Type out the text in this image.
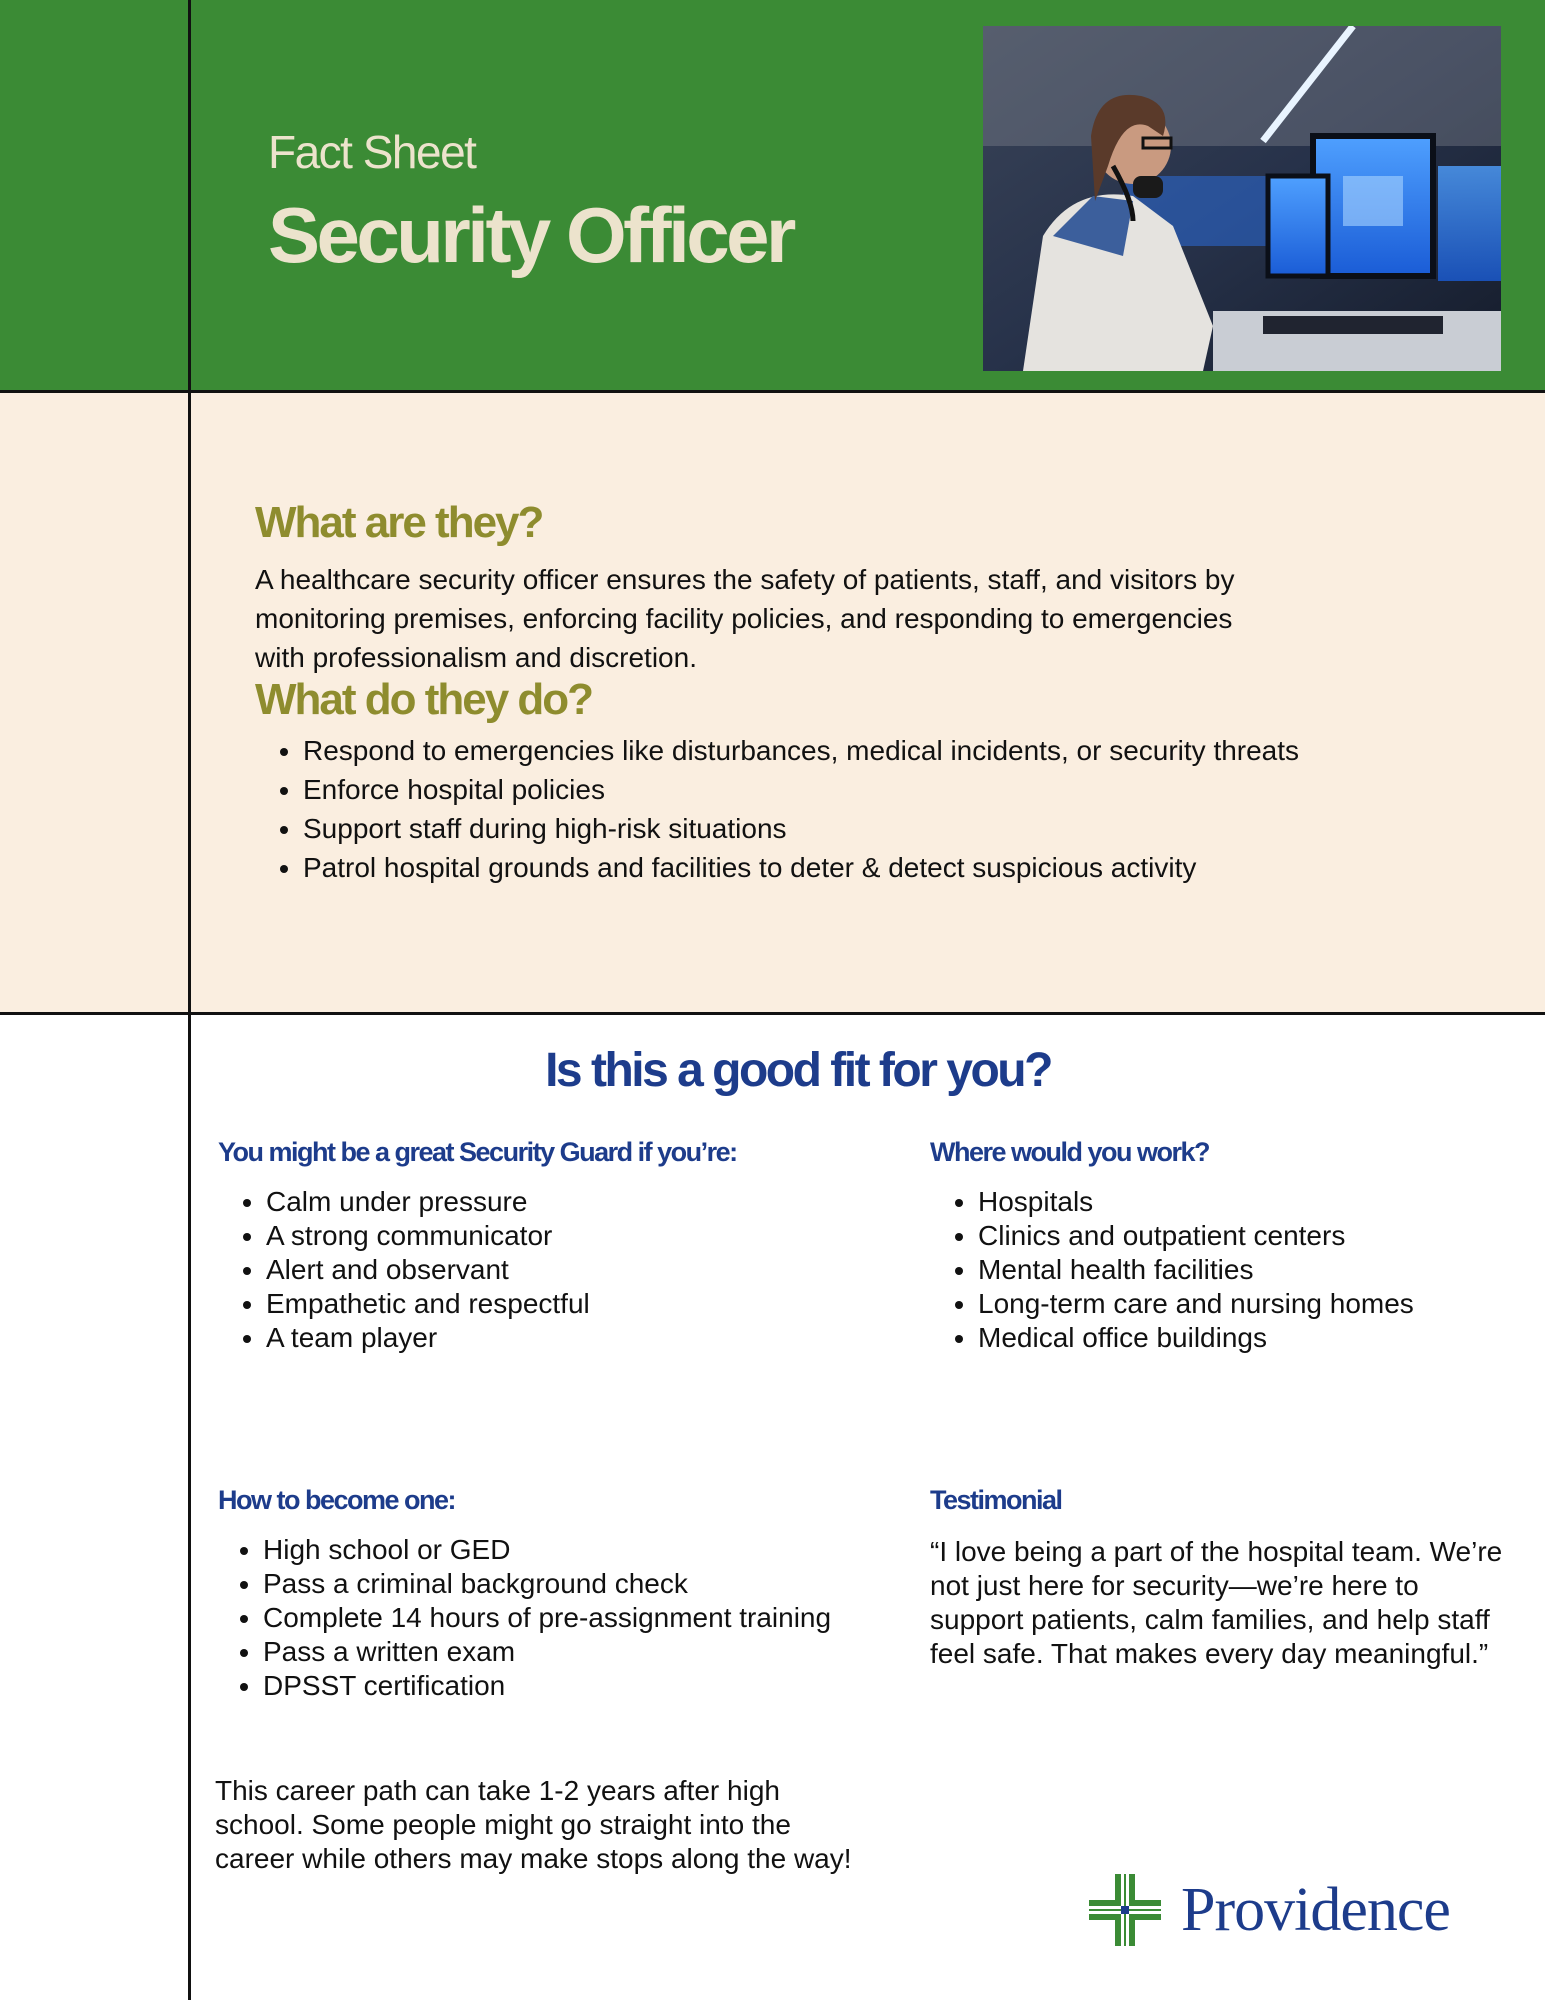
Fact Sheet
Security Officer
What are they?

A healthcare security officer ensures the safety of patients, staff, and visitors by monitoring premises, enforcing facility policies, and responding to emergencies with professionalism and discretion.

What do they do?
• Respond to emergencies like disturbances, medical incidents, or security threats
• Enforce hospital policies
• Support staff during high-risk situations
• Patrol hospital grounds and facilities to deter & detect suspicious activity
Is this a good fit for you?
You might be a great Security Guard if you’re:
• Calm under pressure
• A strong communicator
• Alert and observant
• Empathetic and respectful
• A team player
Where would you work?
• Hospitals
• Clinics and outpatient centers
• Mental health facilities
• Long-term care and nursing homes
• Medical office buildings
How to become one:
• High school or GED
• Pass a criminal background check
• Complete 14 hours of pre-assignment training
• Pass a written exam
• DPSST certification

This career path can take 1-2 years after high school. Some people might go straight into the career while others may make stops along the way!

Testimonial

“I love being a part of the hospital team. We’re not just here for security—we’re here to support patients, calm families, and help staff feel safe. That makes every day meaningful.”

Providence
